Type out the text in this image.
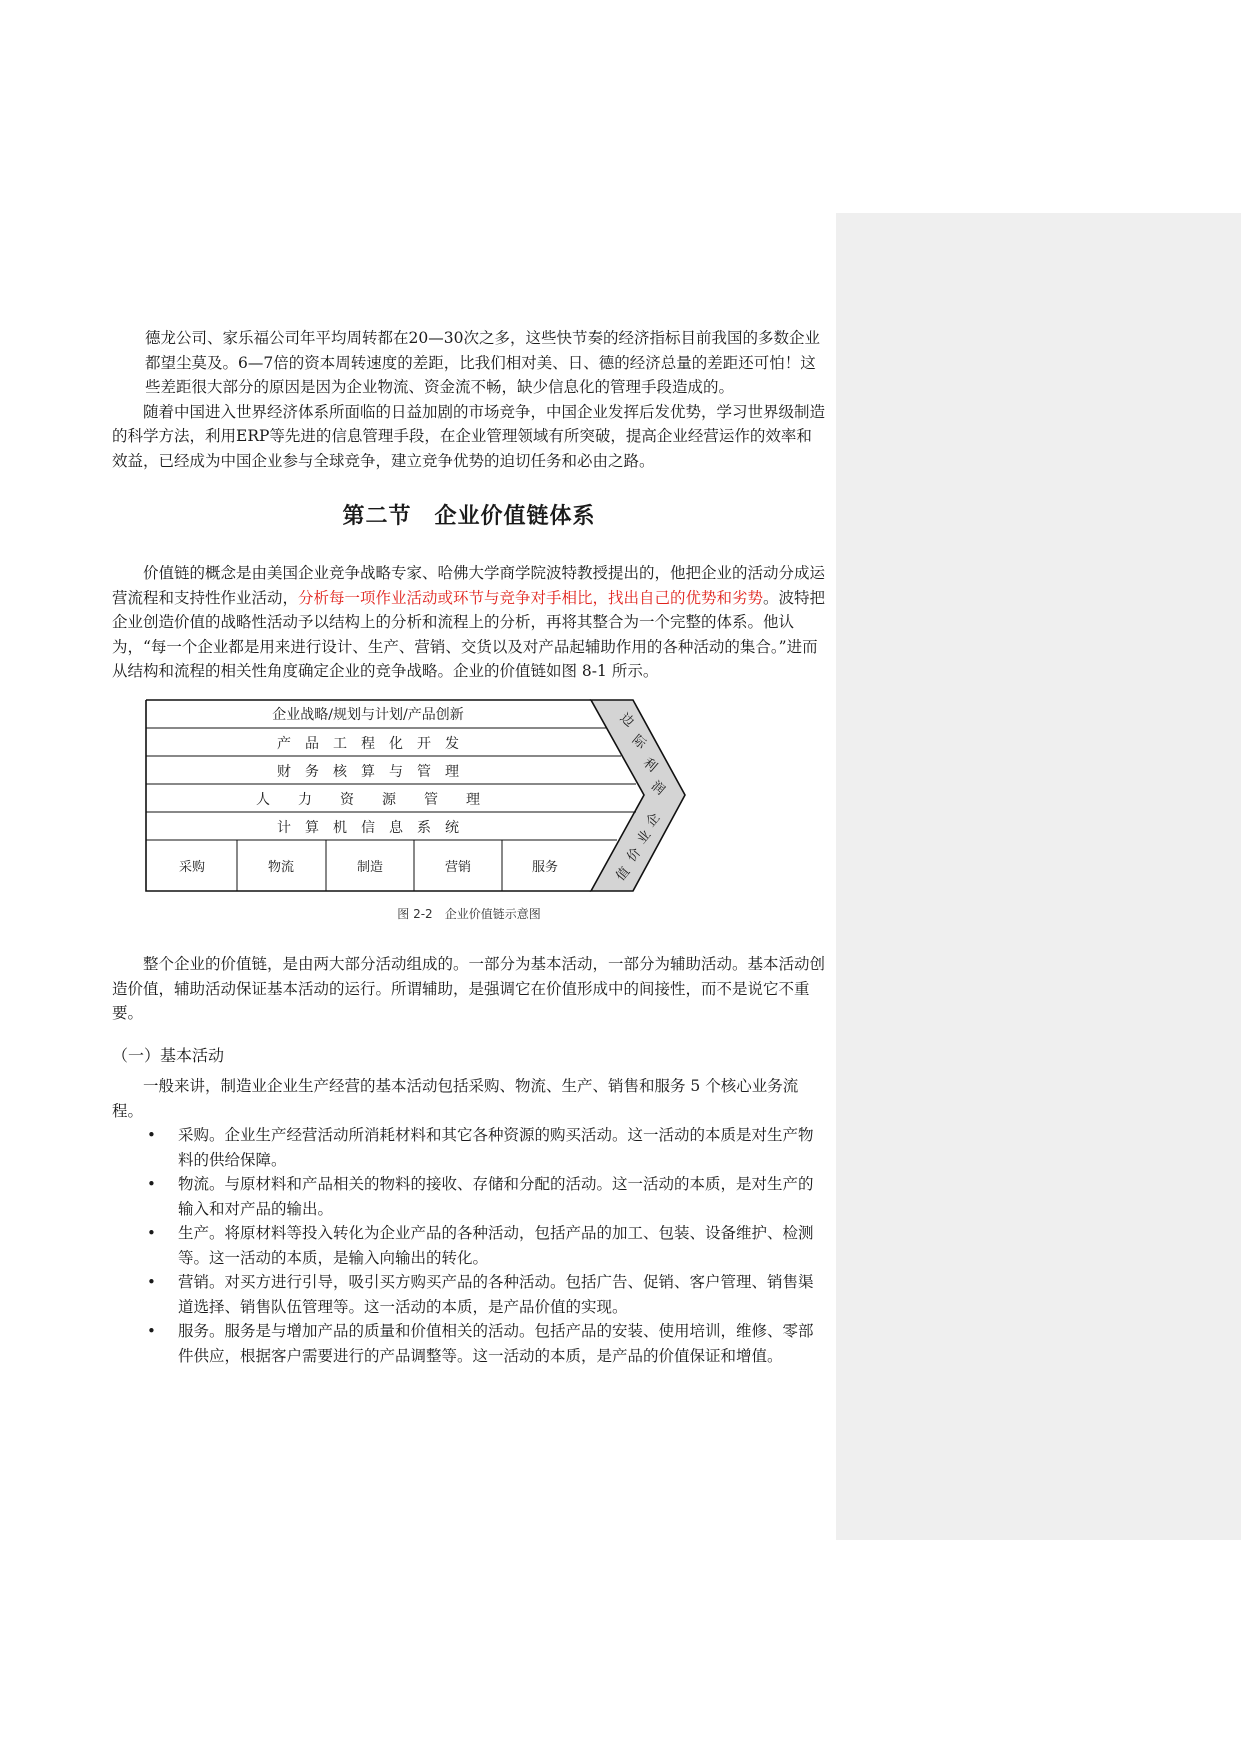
德龙公司、家乐福公司年平均周转都在20—30次之多，这些快节奏的经济指标目前我国的多数企业都望尘莫及。6—7倍的资本周转速度的差距，比我们相对美、日、德的经济总量的差距还可怕！这些差距很大部分的原因是因为企业物流、资金流不畅，缺少信息化的管理手段造成的。

随着中国进入世界经济体系所面临的日益加剧的市场竞争，中国企业发挥后发优势，学习世界级制造的科学方法，利用ERP等先进的信息管理手段，在企业管理领域有所突破，提高企业经营运作的效率和效益，已经成为中国企业参与全球竞争，建立竞争优势的迫切任务和必由之路。

第二节　企业价值链体系

价值链的概念是由美国企业竞争战略专家、哈佛大学商学院波特教授提出的，他把企业的活动分成运营流程和支持性作业活动，分析每一项作业活动或环节与竞争对手相比，找出自己的优势和劣势。波特把企业创造价值的战略性活动予以结构上的分析和流程上的分析，再将其整合为一个完整的体系。他认为，“每一个企业都是用来进行设计、生产、营销、交货以及对产品起辅助作用的各种活动的集合。”进而从结构和流程的相关性角度确定企业的竞争战略。企业的价值链如图 8-1 所示。

企业战略/规划与计划/产品创新
产　品　工　程　化　开　发
财　务　核　算　与　管　理
人　　力　　资　　源　　管　　理
计　算　机　信　息　系　统
采购	物流	制造	营销	服务
边
际
利
润
企
业
价
值
图 2-2　企业价值链示意图

整个企业的价值链，是由两大部分活动组成的。一部分为基本活动，一部分为辅助活动。基本活动创造价值，辅助活动保证基本活动的运行。所谓辅助，是强调它在价值形成中的间接性，而不是说它不重要。

（一）基本活动

一般来讲，制造业企业生产经营的基本活动包括采购、物流、生产、销售和服务 5 个核心业务流程。

• 采购。企业生产经营活动所消耗材料和其它各种资源的购买活动。这一活动的本质是对生产物料的供给保障。
• 物流。与原材料和产品相关的物料的接收、存储和分配的活动。这一活动的本质，是对生产的输入和对产品的输出。
• 生产。将原材料等投入转化为企业产品的各种活动，包括产品的加工、包装、设备维护、检测等。这一活动的本质，是输入向输出的转化。
• 营销。对买方进行引导，吸引买方购买产品的各种活动。包括广告、促销、客户管理、销售渠道选择、销售队伍管理等。这一活动的本质，是产品价值的实现。
• 服务。服务是与增加产品的质量和价值相关的活动。包括产品的安装、使用培训，维修、零部件供应，根据客户需要进行的产品调整等。这一活动的本质，是产品的价值保证和增值。
